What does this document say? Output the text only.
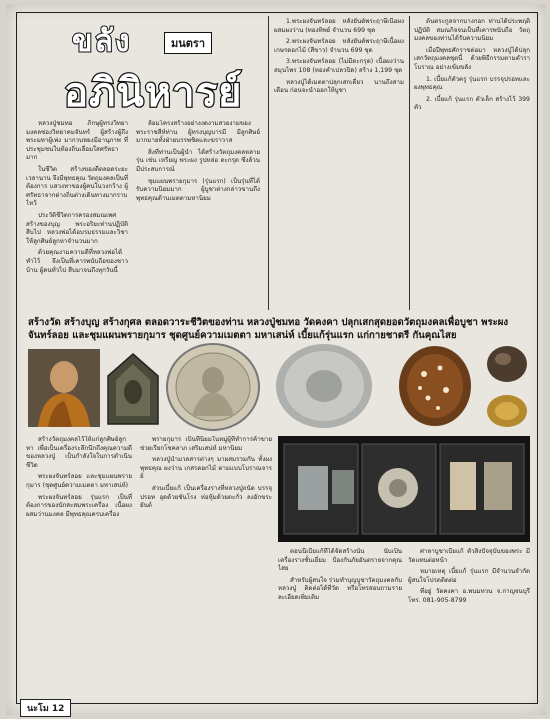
ขลัง	มนตรา
อภินิหารย์

หลวงปู่ชมทอ ภิกษุผู้ทรงวิทยา มงคลช่องวิทยาคมจันทร์ ผู้สร้างผู้ถึง พระมหาผู้เพ่ง มากวบหยงมีอานุภาพ ที่ประชุมชนในท้องถิ่นเลื่อมใสศรัทธามาก

ในชีวิต สร้างของดีตลอดระยะเวลานาน จึงมีพุทธคุณ วัตถุมงคลเป็นที่ต้องการ แสวงหาของผู้คนในวงกว้าง ผู้ศรัทธาจากต่างถิ่นต่างเดินทางมากราบไหว้

ประวัติชีวิตการครองสมณเพศ สร้างของบุญ พระอริยะท่านปฏิบัติสืบไป หลวงพ่อได้อบรมธรรมและวิชาให้ลูกศิษย์ลูกหาจำนวนมาก

ด้วยคุณงามความดีที่หลวงพ่อได้ทำไว้ จึงเป็นที่เคารพนับถือของชาวบ้าน ผู้คนทั่วไป สืบมาจนถึงทุกวันนี้

ล้อมโครงสร้างอย่างงดงามสวยงามของพระราชสีห์ท่าน ผู้ทรงบุญบารมี มีลูกศิษย์มากมายทั้งฝ่ายบรรพชิตและฆราวาส

สิ่งที่ท่านเป็นผู้นำ ได้สร้างวัตถุมงคลหลายรุ่น เช่น เหรียญ พระผง รูปหล่อ ตะกรุด ซึ่งล้วนมีประสบการณ์

ชุมแผนพรายกุมาร (รุ่นแรก) เป็นรุ่นที่ได้รับความนิยมมาก ผู้บูชาต่างกล่าวขานถึงพุทธคุณด้านเมตตามหานิยม

1.พระผงจันทร์ลอย หลังยันต์พระฤาษีเนื้อผง ผสมผงว่าน (ทองทิพย์ จำนวน 699 ชุด

2.พระผงจันทร์ลอย หลังยันต์พระฤาษีเนื้อผงเกษรดอกไม้ (สีขาว) จำนวน 699 ชุด

3.พระผงจันทร์ลอย (ไม่มีตะกรุด) เนื้อผงว่านสมุนไพร 108 (ทองคำเปลวปิด) สร้าง 1,199 ชุด

หลวงปู่ได้เมตตาปลุกเสกเดี่ยว นานถึงสามเดือน ก่อนจะนำออกให้บูชา

ต้นตระกูลจากบางกอก ท่านได้ประพฤติปฏิบัติ สมณกิจจนเป็นที่เคารพนับถือ วัตถุมงคลของท่านได้รับความนิยม

เมื่อปีพุทธศักราชต่อมา หลวงปู่ได้ปลุกเสกวัตถุมงคลชุดนี้ ด้วยพิธีกรรมตามตำราโบราณ อย่างเข้มขลัง

1. เบี้ยแก้ตัวครู รุ่นแรก บรรจุปรอทและผงพุทธคุณ

2. เบี้ยแก้ รุ่นแรก ตัวเล็ก สร้างไว้ 399 ตัว

สร้างวัด สร้างบุญ สร้างกุศล ตลอดวาระชีวิตของท่าน หลวงปู่ชมทอ วัดคงคา ปลุกเสกสุดยอดวัตถุมงคลเพื่อบูชา พระผงจันทร์ลอย และชุมแผนพรายกุมาร ชุดศูนย์ความเมตตา มหาเสน่ห์ เบี้ยแก้รุ่นแรก แก่กายชาตรี กันคุณไสย

สร้างวัตถุมงคลไว้ให้แก่ลูกศิษย์ลูกหา เพื่อเป็นเครื่องระลึกนึกถึงคุณความดีของหลวงปู่ เป็นกำลังใจในการดำเนินชีวิต

พระผงจันทร์ลอย และชุมแผนพรายกุมาร (ชุดศูนย์ความเมตตา มหาเสน่ห์)

พระผงจันทร์ลอย รุ่นแรก เป็นที่ต้องการของนักสะสมพระเครื่อง เนื้อผงผสมว่านมงคล มีพุทธคุณครบเครื่อง

พรายกุมาร เป็นที่นิยมในหมู่ผู้ที่ทำการค้าขาย ช่วยเรียกโชคลาภ เสริมเสน่ห์ มหานิยม

หลวงปู่นำมวลสารต่างๆ มาผสมรวมกัน ทั้งผงพุทธคุณ ผงว่าน เกสรดอกไม้ ตามแบบโบราณจารย์

ส่วนเบี้ยแก้ เป็นเครื่องรางที่หลวงปู่ถนัด บรรจุปรอท อุดด้วยชันโรง ห่อหุ้มด้วยตะกั่ว ลงอักขระยันต์

ตอนนี้เบี้ยแก้ที่ได้จัดสร้างนั้น นับเป็นเครื่องรางชั้นเยี่ยม ป้องกันภัยอันตรายจากคุณไสย

สำหรับผู้สนใจ ร่วมทำบุญบูชาวัตถุมงคลกับหลวงปู่ ติดต่อได้ที่วัด หรือโทรสอบถามรายละเอียดเพิ่มเติม

ศาลาบูชาเบี้ยแก้ ตัวสิ่งปัจจุบันของพระ มีวัดแทนต่อหน้า

หมายเหตุ เบี้ยแก้ รุ่นแรก มีจำนวนจำกัด ผู้สนใจโปรดติดต่อ

ที่อยู่ วัดคงคา อ.พนมทวน จ.กาญจนบุรี โทร. 081-905-8799

นะโม 12
